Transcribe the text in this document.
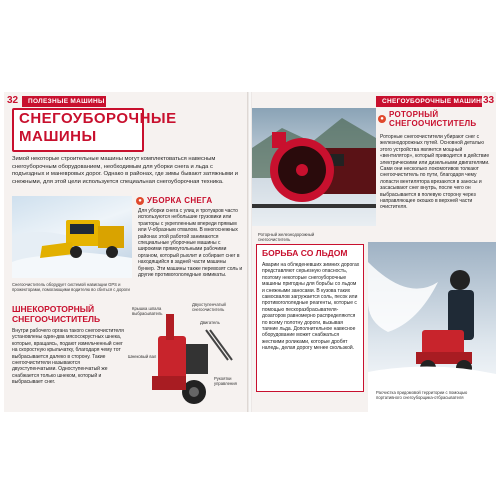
32 ПОЛЕЗНЫЕ МАШИНЫ
СНЕГОУБОРОЧНЫЕ
МАШИНЫ

Зимой некоторые строительные машины могут комплектоваться навесным снегоуборочным оборудованием, необходимым для уборки снега и льда с подъездных и маневровых дорог. Однако в районах, где зимы бывают затяжными и снежными, для этой цели используется специальная снегоуборочная техника.

Снегоочиститель оборудует системой навигации GPS и прожекторами, помогающими водителю во сбиться с дороги

● УБОРКА СНЕГА

Для уборки снега с улиц и тротуаров часто используются небольшие грузовики или тракторы с укрепленным впереди прямым или V-образным отвалом. В многоснежных районах этой работой занимаются специальные уборочные машины с широкими прямоугольными рабочими органом, который рыхлит и собирает снег в находящийся в задней части машины бункер. Эти машины также перевозят соль и другие противогололедные химикаты.

ШНЕКОРОТОРНЫЙ
СНЕГООЧИСТИТЕЛЬ

Внутри рабочего органа такого снегоочистителя установлены один-два мясосокрустных шнека, которые, вращаясь, подают измельченный снег на скоростную крыльчатку, благодаря чему тот выбрасывается далеко в сторону. Такие снегоочистители называются двухступенчатыми. Одноступенчатый же снабжается только шнеком, который и выбрасывает снег.

Крышка шпала выбрасыватель
Двухступенчатый снегоочиститель
Двигатель
Шнековый вал
Рукоятки управления
СНЕГОУБОРОЧНЫЕ МАШИНЫ
33

Роторный железнодорожный снегоочиститель

● РОТОРНЫЙ
СНЕГООЧИСТИТЕЛЬ

Роторные снегоочистители убирают снег с железнодорожных путей. Основной деталью этого устройства является мощный «вентилятор», который приводится в действие электрическими или дизельными двигателями. Сами они несколько локомотивов толкают снегоочиститель по пути, благодаря чему лопасти вентилятора врезаются в заносы и засасывают снег внутрь, после чего он выбрасывается в полевую сторону через направляющее окошко в верхней части очистителя.

БОРЬБА СО ЛЬДОМ

Аварии на обледеневших зимних дорогах представляют серьезную опасность, поэтому некоторые снегоуборочные машины пригодны для борьбы со льдом и снежными заносами. В кузова таких самосвалов загружается соль, песок или противогололедные реагенты, которые с помощью пескоразбрасывателя-дозаторов равномерно распределяются по всему полотну дороги, вызывая таяние льда. Дополнительное навесное оборудование может снабжаться жесткими роликами, которые дробят наледь, делая дорогу менее скользкой.

Расчистка придомовой территории с помощью портативного снегоуборщика-отбрасывателя
